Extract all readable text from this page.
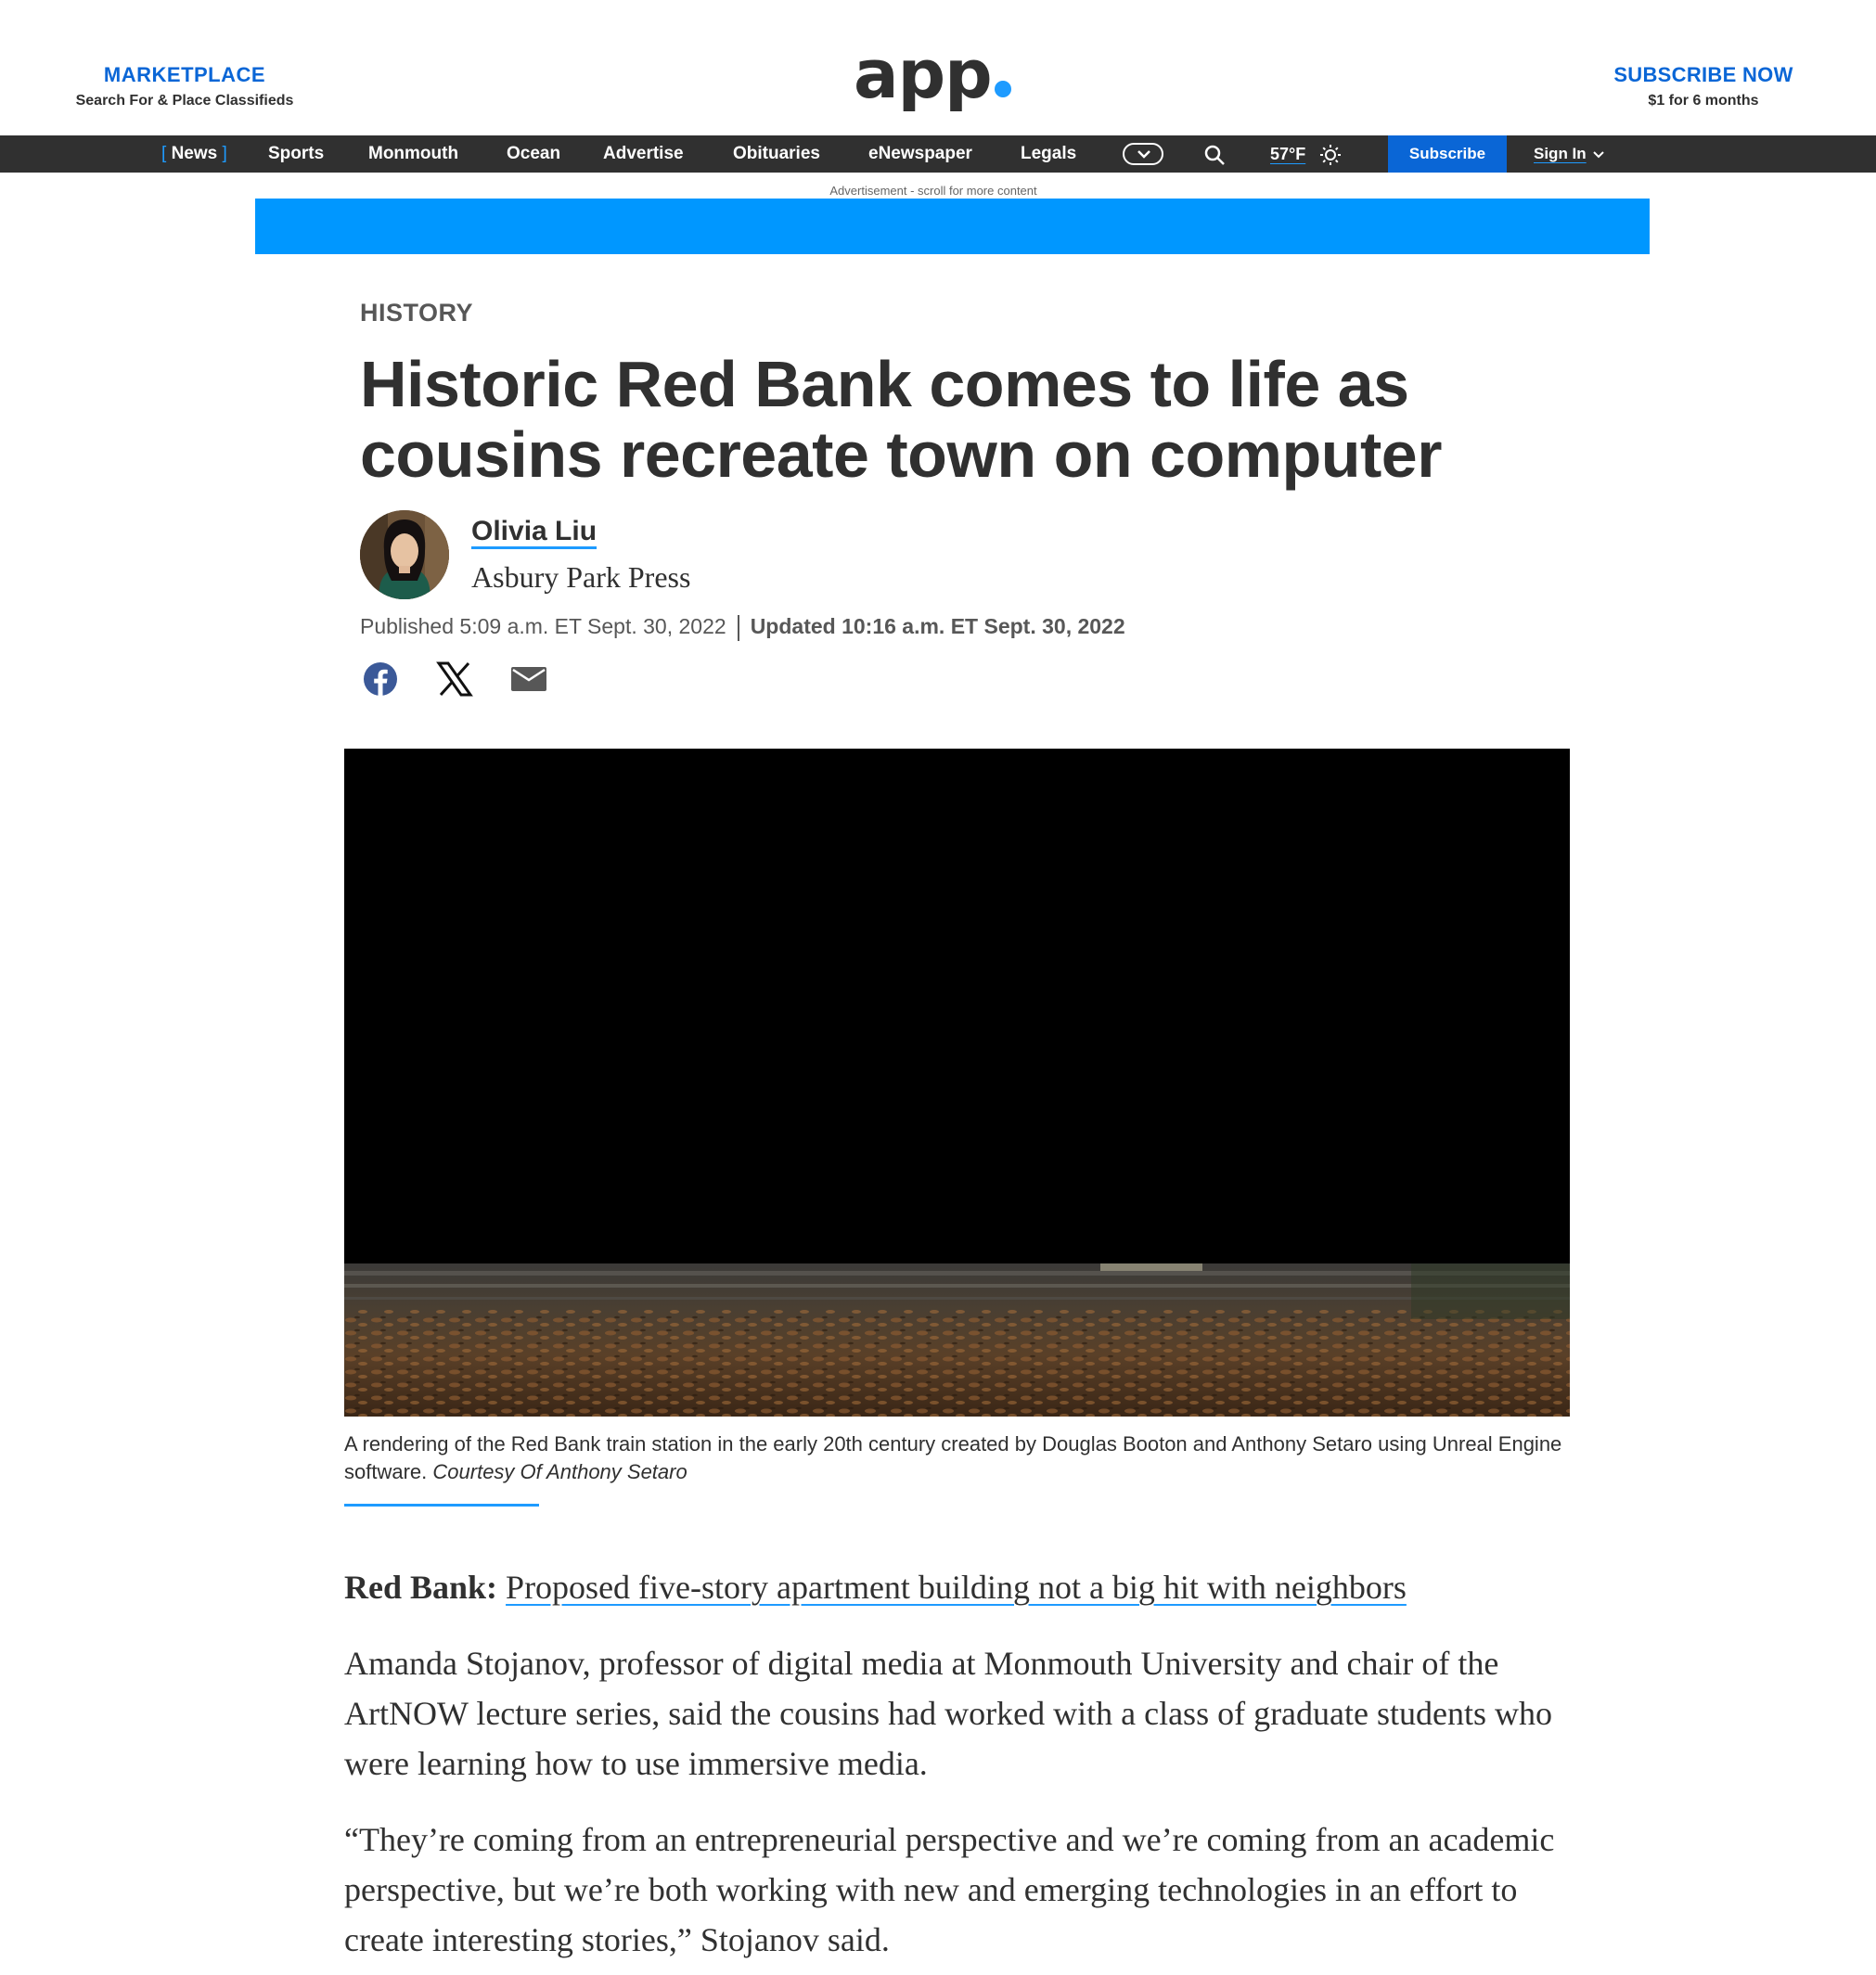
MARKETPLACE
Search For & Place Classifieds	app	SUBSCRIBE NOW
$1 for 6 months
[ News ] Sports	Monmouth	Ocean Advertise	Obituaries	eNewspaper	Legals	57°F	Subscribe	Sign In
Advertisement - scroll for more content
HISTORY
Historic Red Bank comes to life as cousins recreate town on computer
Olivia Liu
Asbury Park Press
Published 5:09 a.m. ET Sept. 30, 2022 Updated 10:16 a.m. ET Sept. 30, 2022
A rendering of the Red Bank train station in the early 20th century created by Douglas Booton and Anthony Setaro using Unreal Engine software. Courtesy Of Anthony Setaro

Red Bank: Proposed five-story apartment building not a big hit with neighbors

Amanda Stojanov, professor of digital media at Monmouth University and chair of the ArtNOW lecture series, said the cousins had worked with a class of graduate students who were learning how to use immersive media.

“They’re coming from an entrepreneurial perspective and we’re coming from an academic perspective, but we’re both working with new and emerging technologies in an effort to create interesting stories,” Stojanov said.
